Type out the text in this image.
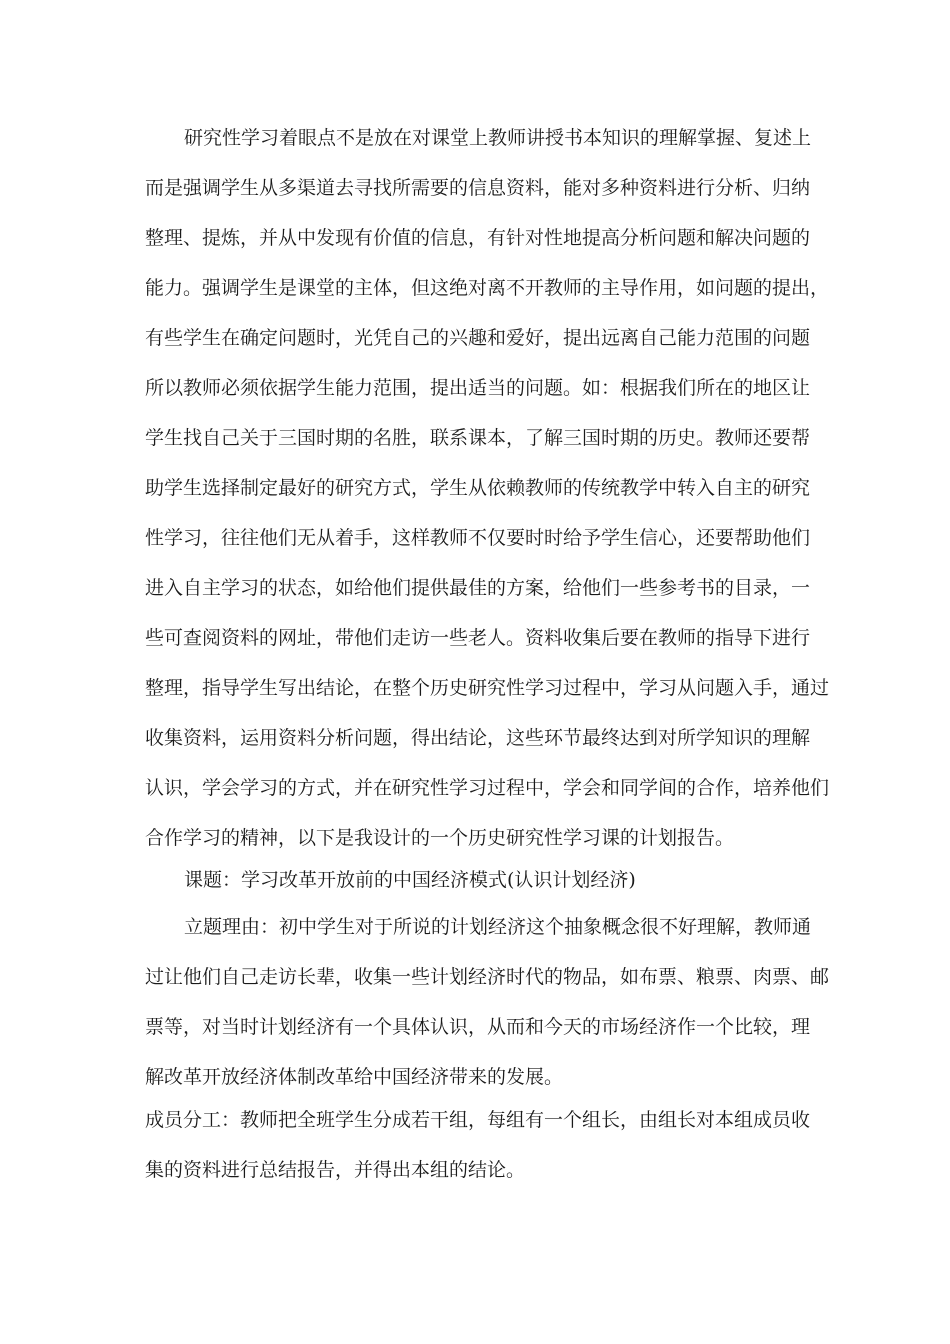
研究性学习着眼点不是放在对课堂上教师讲授书本知识的理解掌握、复述上
而是强调学生从多渠道去寻找所需要的信息资料，能对多种资料进行分析、归纳
整理、提炼，并从中发现有价值的信息，有针对性地提高分析问题和解决问题的
能力。强调学生是课堂的主体，但这绝对离不开教师的主导作用，如问题的提出，
有些学生在确定问题时，光凭自己的兴趣和爱好，提出远离自己能力范围的问题
所以教师必须依据学生能力范围，提出适当的问题。如：根据我们所在的地区让
学生找自己关于三国时期的名胜，联系课本，了解三国时期的历史。教师还要帮
助学生选择制定最好的研究方式，学生从依赖教师的传统教学中转入自主的研究
性学习，往往他们无从着手，这样教师不仅要时时给予学生信心，还要帮助他们
进入自主学习的状态，如给他们提供最佳的方案，给他们一些参考书的目录，一
些可查阅资料的网址，带他们走访一些老人。资料收集后要在教师的指导下进行
整理，指导学生写出结论，在整个历史研究性学习过程中，学习从问题入手，通过
收集资料，运用资料分析问题，得出结论，这些环节最终达到对所学知识的理解
认识，学会学习的方式，并在研究性学习过程中，学会和同学间的合作，培养他们
合作学习的精神，以下是我设计的一个历史研究性学习课的计划报告。
课题：学习改革开放前的中国经济模式(认识计划经济)
立题理由：初中学生对于所说的计划经济这个抽象概念很不好理解，教师通
过让他们自己走访长辈，收集一些计划经济时代的物品，如布票、粮票、肉票、邮
票等，对当时计划经济有一个具体认识，从而和今天的市场经济作一个比较，理
解改革开放经济体制改革给中国经济带来的发展。
成员分工：教师把全班学生分成若干组，每组有一个组长，由组长对本组成员收
集的资料进行总结报告，并得出本组的结论。
